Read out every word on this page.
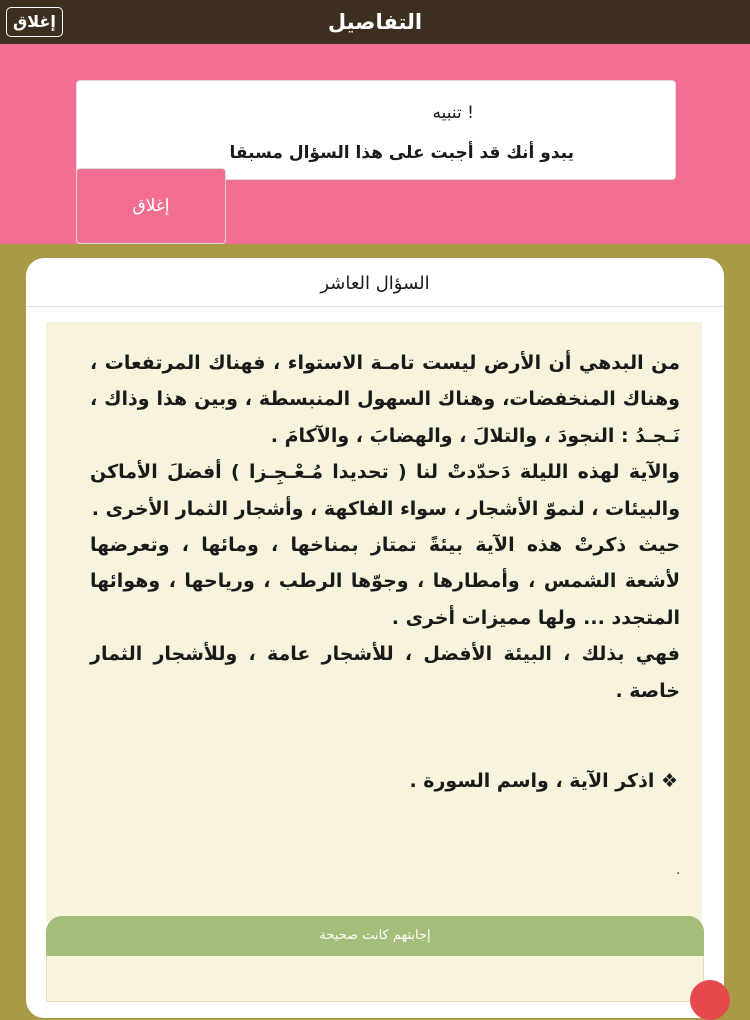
التفاصيل
إغلاق
تنبيه !
يبدو أنك قد أجبت على هذا السؤال مسبقا
إغلاق
السؤال العاشر

من البدهي أن الأرض ليست تامـة الاستواء ، فهناك المرتفعات ، وهناك المنخفضات، وهناك السهول المنبسطة ، وبين هذا وذاك ، نَـجـدُ : النجودَ ، والتلالَ ، والهضابَ ، والآكامَ .

والآية لهذه الليلة دَحدّدتْ لنا ( تحديدا مُـعْـجِـزا ) أفضلَ الأماكن والبيئات ، لنموّ الأشجار ، سواء الفاكهة ، وأشجار الثمار الأخرى .

حيث ذكرتْ هذه الآية بيئةً تمتاز بمناخها ، ومائها ، وتعرضها لأشعة الشمس ، وأمطارها ، وجوّها الرطب ، ورياحها ، وهوائها المتجدد ... ولها مميزات أخرى .

فهي بذلك ، البيئة الأفضل ، للأشجار عامة ، وللأشجار الثمار خاصة .

❖ اذكر الآية ، واسم السورة .
.
إجابتهم كانت صحيحة
